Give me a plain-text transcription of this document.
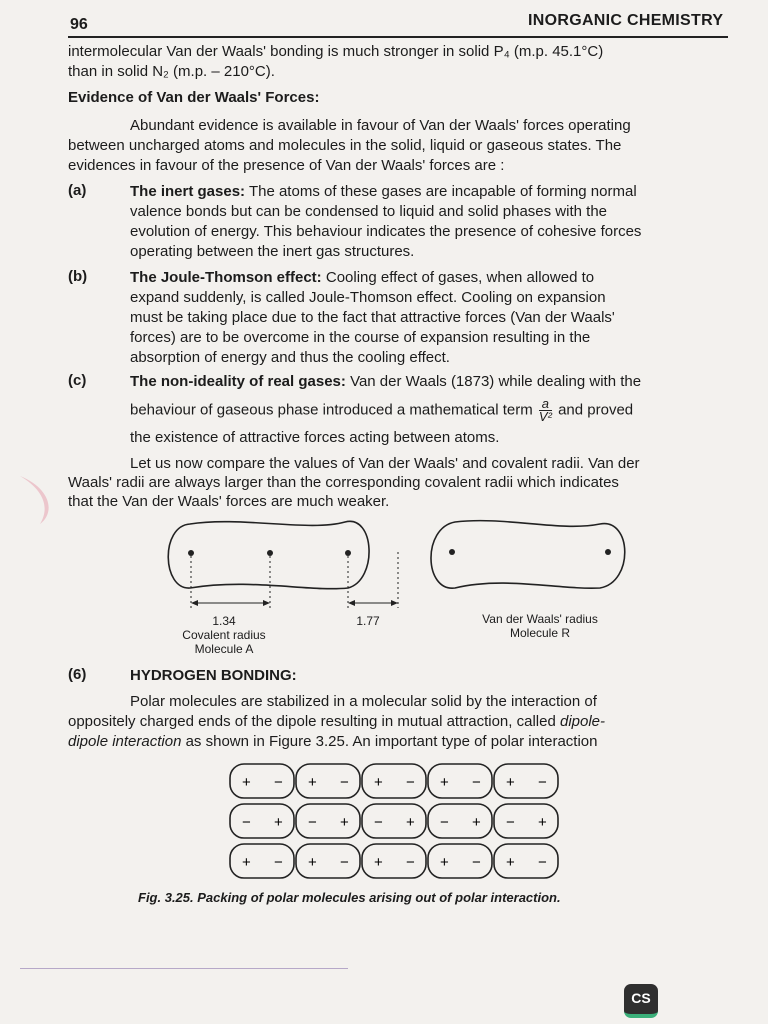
96	INORGANIC CHEMISTRY
intermolecular Van der Waals' bonding is much stronger in solid P₄ (m.p. 45.1°C)
than in solid N₂ (m.p. – 210°C).
Evidence of Van der Waals' Forces:
Abundant evidence is available in favour of Van der Waals' forces operating
between uncharged atoms and molecules in the solid, liquid or gaseous states. The
evidences in favour of the presence of Van der Waals' forces are :
(a)	The inert gases: The atoms of these gases are incapable of forming normal
valence bonds but can be condensed to liquid and solid phases with the
evolution of energy. This behaviour indicates the presence of cohesive forces
operating between the inert gas structures.
(b)	The Joule-Thomson effect: Cooling effect of gases, when allowed to
expand suddenly, is called Joule-Thomson effect. Cooling on expansion
must be taking place due to the fact that attractive forces (Van der Waals'
forces) are to be overcome in the course of expansion resulting in the
absorption of energy and thus the cooling effect.
(c)	The non-ideality of real gases: Van der Waals (1873) while dealing with the
behaviour of gaseous phase introduced a mathematical term $\frac{a}{\text{V²}}$ and proved
the existence of attractive forces acting between atoms.
Let us now compare the values of Van der Waals' and covalent radii. Van der
Waals' radii are always larger than the corresponding covalent radii which indicates
that the Van der Waals' forces are much weaker.
1.34
Covalent radius
Molecule A
1.77	Van der Waals' radius
Molecule R
(6)	HYDROGEN BONDING:
Polar molecules are stabilized in a molecular solid by the interaction of
oppositely charged ends of the dipole resulting in mutual attraction, called dipole-
dipole interaction as shown in Figure 3.25. An important type of polar interaction
+ − + − + − + − + −
− + − + − + − + − +
+ − + − + − + − + −
Fig. 3.25. Packing of polar molecules arising out of polar interaction.
CS
